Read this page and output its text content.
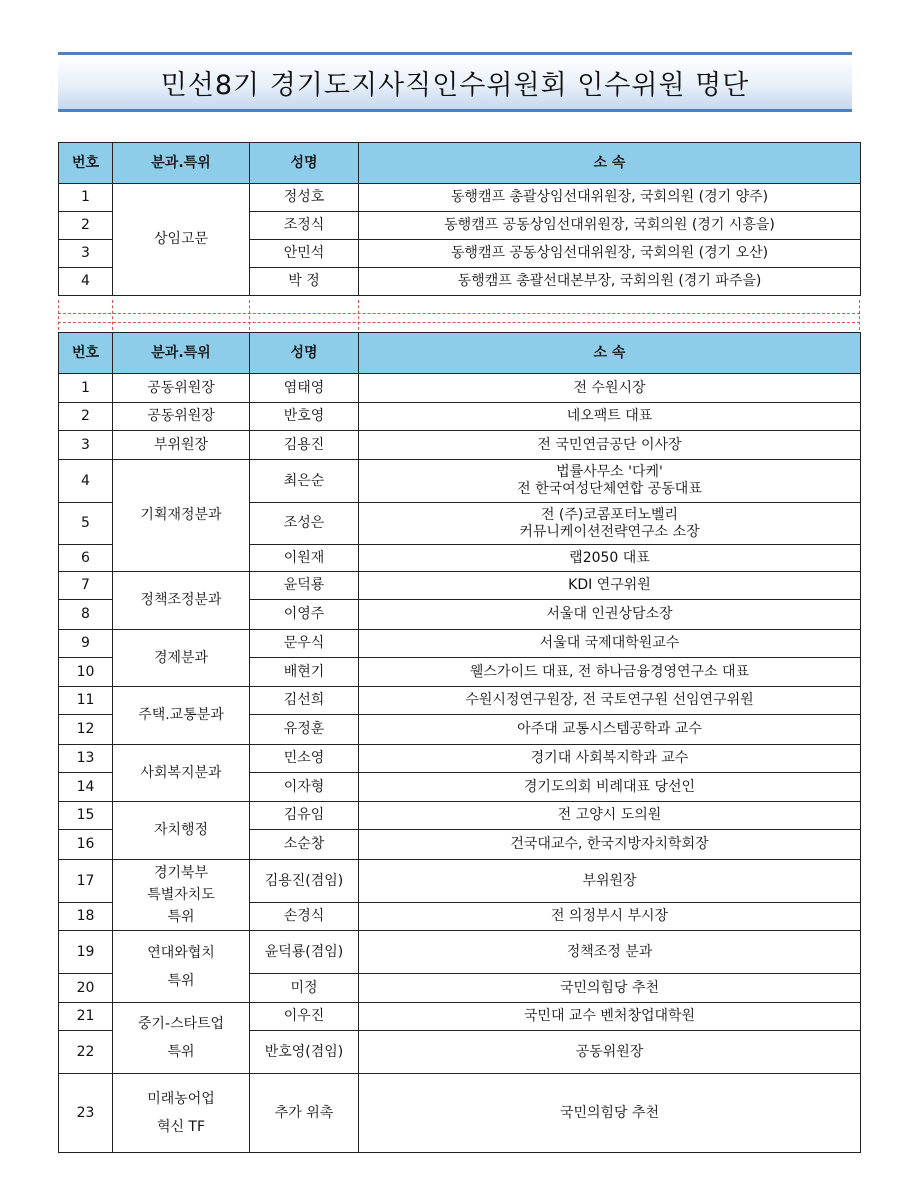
민선8기 경기도지사직인수위원회 인수위원 명단
번호	분과.특위	성명	소 속
1	상임고문	정성호	동행캠프 총괄상임선대위원장, 국회의원 (경기 양주)
2		조정식	동행캠프 공동상임선대위원장, 국회의원 (경기 시흥을)
3		안민석	동행캠프 공동상임선대위원장, 국회의원 (경기 오산)
4		박 정	동행캠프 총괄선대본부장, 국회의원 (경기 파주을)
번호	분과.특위	성명	소 속
1	공동위원장	염태영	전 수원시장
2	공동위원장	반호영	네오팩트 대표
3	부위원장	김용진	전 국민연금공단 이사장
4	기획재정분과	최은순	법률사무소 '다케'
전 한국여성단체연합 공동대표

5		조성은	전 (주)코콤포터노벨리
커뮤니케이션전략연구소 소장

6		이원재	랩2050 대표
7	정책조정분과	윤덕룡	KDI 연구위원
8		이영주	서울대 인권상담소장
9	경제분과	문우식	서울대 국제대학원교수
10		배현기	웰스가이드 대표, 전 하나금융경영연구소 대표
11	주택.교통분과	김선희	수원시정연구원장, 전 국토연구원 선임연구위원
12		유정훈	아주대 교통시스템공학과 교수
13	사회복지분과	민소영	경기대 사회복지학과 교수
14		이자형	경기도의회 비례대표 당선인
15	자치행정	김유임	전 고양시 도의원
16		소순창	건국대교수, 한국지방자치학회장
17	경기북부
특별자치도
특위	김용진(겸임)	부위원장
18		손경식	전 의정부시 부시장
19	연대와협치
특위	윤덕룡(겸임)	정책조정 분과
20		미정	국민의힘당 추천
21	중기-스타트업
특위	이우진	국민대 교수 벤처창업대학원
22		반호영(겸임)	공동위원장
23	미래농어업
혁신 TF	추가 위촉	국민의힘당 추천
